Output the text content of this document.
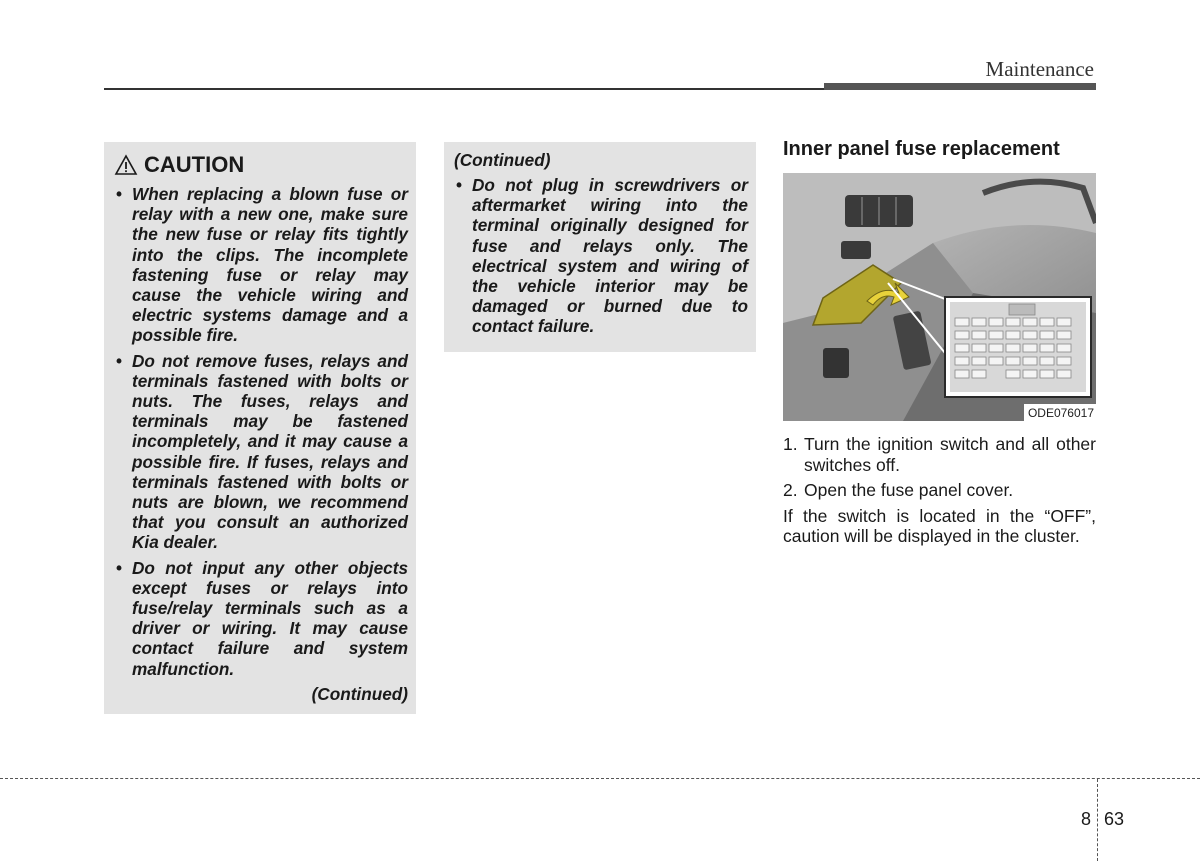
Maintenance
CAUTION
• When replacing a blown fuse or relay with a new one, make sure the new fuse or relay fits tightly into the clips. The incomplete fastening fuse or relay may cause the vehicle wiring and electric systems damage and a possible fire.
• Do not remove fuses, relays and terminals fastened with bolts or nuts. The fuses, relays and terminals may be fastened incompletely, and it may cause a possible fire. If fuses, relays and terminals fastened with bolts or nuts are blown, we recommend that you consult an authorized Kia dealer.
• Do not input any other objects except fuses or relays into fuse/relay terminals such as a driver or wiring. It may cause contact failure and system malfunction.
(Continued)
(Continued)
• Do not plug in screwdrivers or aftermarket wiring into the terminal originally designed for fuse and relays only. The electrical system and wiring of the vehicle interior may be damaged or burned due to contact failure.
Inner panel fuse replacement
ODE076017
1. Turn the ignition switch and all other switches off.
2. Open the fuse panel cover.
If the switch is located in the “OFF”, caution will be displayed in the cluster.
8 63
